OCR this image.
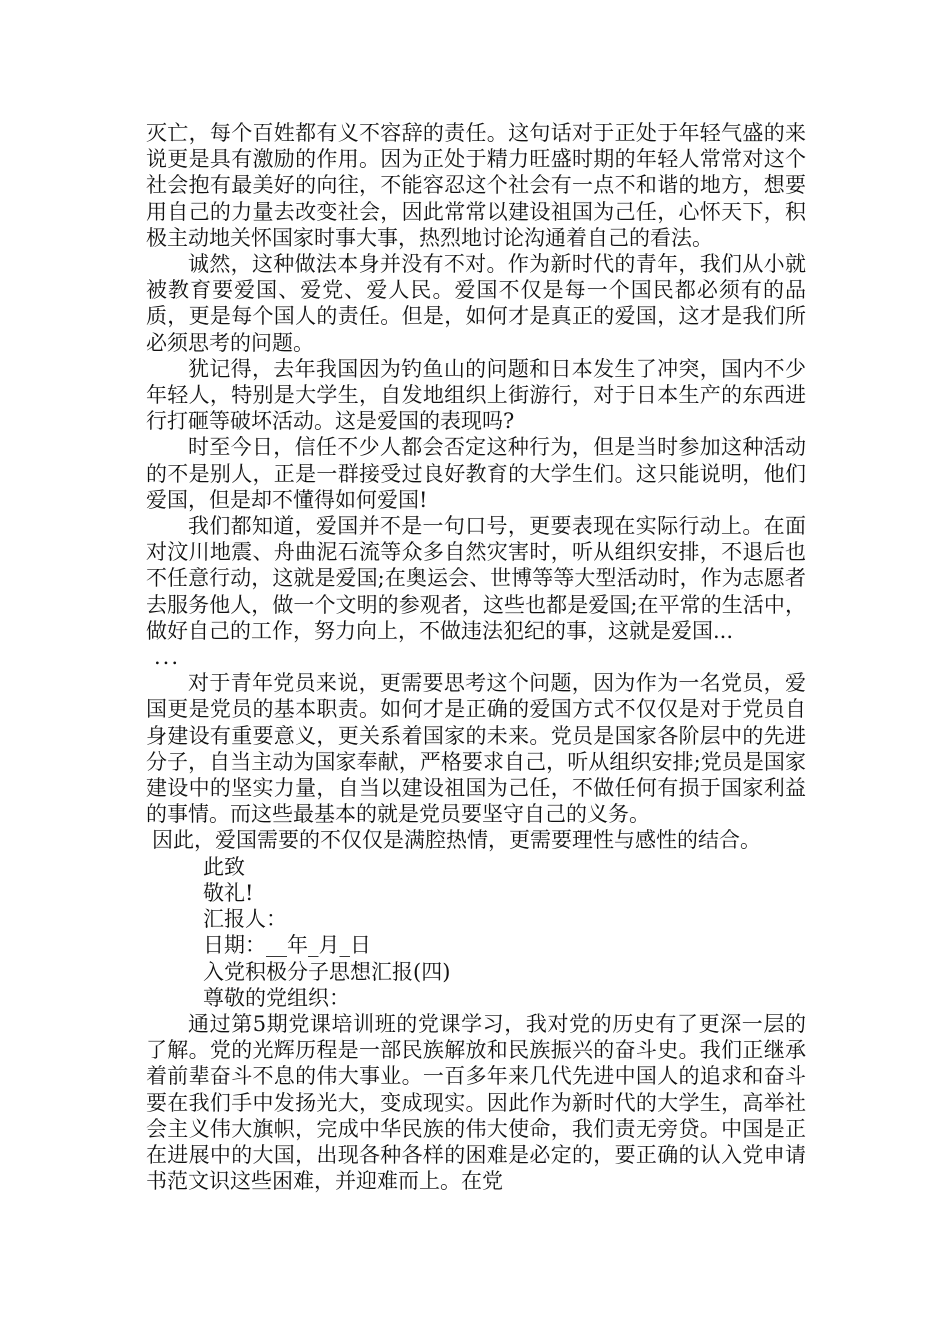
灭亡，每个百姓都有义不容辞的责任。这句话对于正处于年轻气盛的来说更是具有激励的作用。因为正处于精力旺盛时期的年轻人常常对这个社会抱有最美好的向往，不能容忍这个社会有一点不和谐的地方，想要用自己的力量去改变社会，因此常常以建设祖国为己任，心怀天下，积极主动地关怀国家时事大事，热烈地讨论沟通着自己的看法。

诚然，这种做法本身并没有不对。作为新时代的青年，我们从小就被教育要爱国、爱党、爱人民。爱国不仅是每一个国民都必须有的品质，更是每个国人的责任。但是，如何才是真正的爱国，这才是我们所必须思考的问题。

犹记得，去年我国因为钓鱼山的问题和日本发生了冲突，国内不少年轻人，特别是大学生，自发地组织上街游行，对于日本生产的东西进行打砸等破坏活动。这是爱国的表现吗?

时至今日，信任不少人都会否定这种行为，但是当时参加这种活动的不是别人，正是一群接受过良好教育的大学生们。这只能说明，他们爱国，但是却不懂得如何爱国!

我们都知道，爱国并不是一句口号，更要表现在实际行动上。在面对汶川地震、舟曲泥石流等众多自然灾害时，听从组织安排，不退后也不任意行动，这就是爱国;在奥运会、世博等等大型活动时，作为志愿者去服务他人，做一个文明的参观者，这些也都是爱国;在平常的生活中，做好自己的工作，努力向上，不做违法犯纪的事，这就是爱国...

...

对于青年党员来说，更需要思考这个问题，因为作为一名党员，爱国更是党员的基本职责。如何才是正确的爱国方式不仅仅是对于党员自身建设有重要意义，更关系着国家的未来。党员是国家各阶层中的先进分子，自当主动为国家奉献，严格要求自己，听从组织安排;党员是国家建设中的坚实力量，自当以建设祖国为己任，不做任何有损于国家利益的事情。而这些最基本的就是党员要坚守自己的义务。

因此，爱国需要的不仅仅是满腔热情，更需要理性与感性的结合。

此致

敬礼!

汇报人：

日期：__年_月_日

入党积极分子思想汇报(四)

尊敬的党组织：

通过第5期党课培训班的党课学习，我对党的历史有了更深一层的了解。党的光辉历程是一部民族解放和民族振兴的奋斗史。我们正继承着前辈奋斗不息的伟大事业。一百多年来几代先进中国人的追求和奋斗要在我们手中发扬光大，变成现实。因此作为新时代的大学生，高举社会主义伟大旗帜，完成中华民族的伟大使命，我们责无旁贷。中国是正在进展中的大国，出现各种各样的困难是必定的，要正确的认入党申请书范文识这些困难，并迎难而上。在党
